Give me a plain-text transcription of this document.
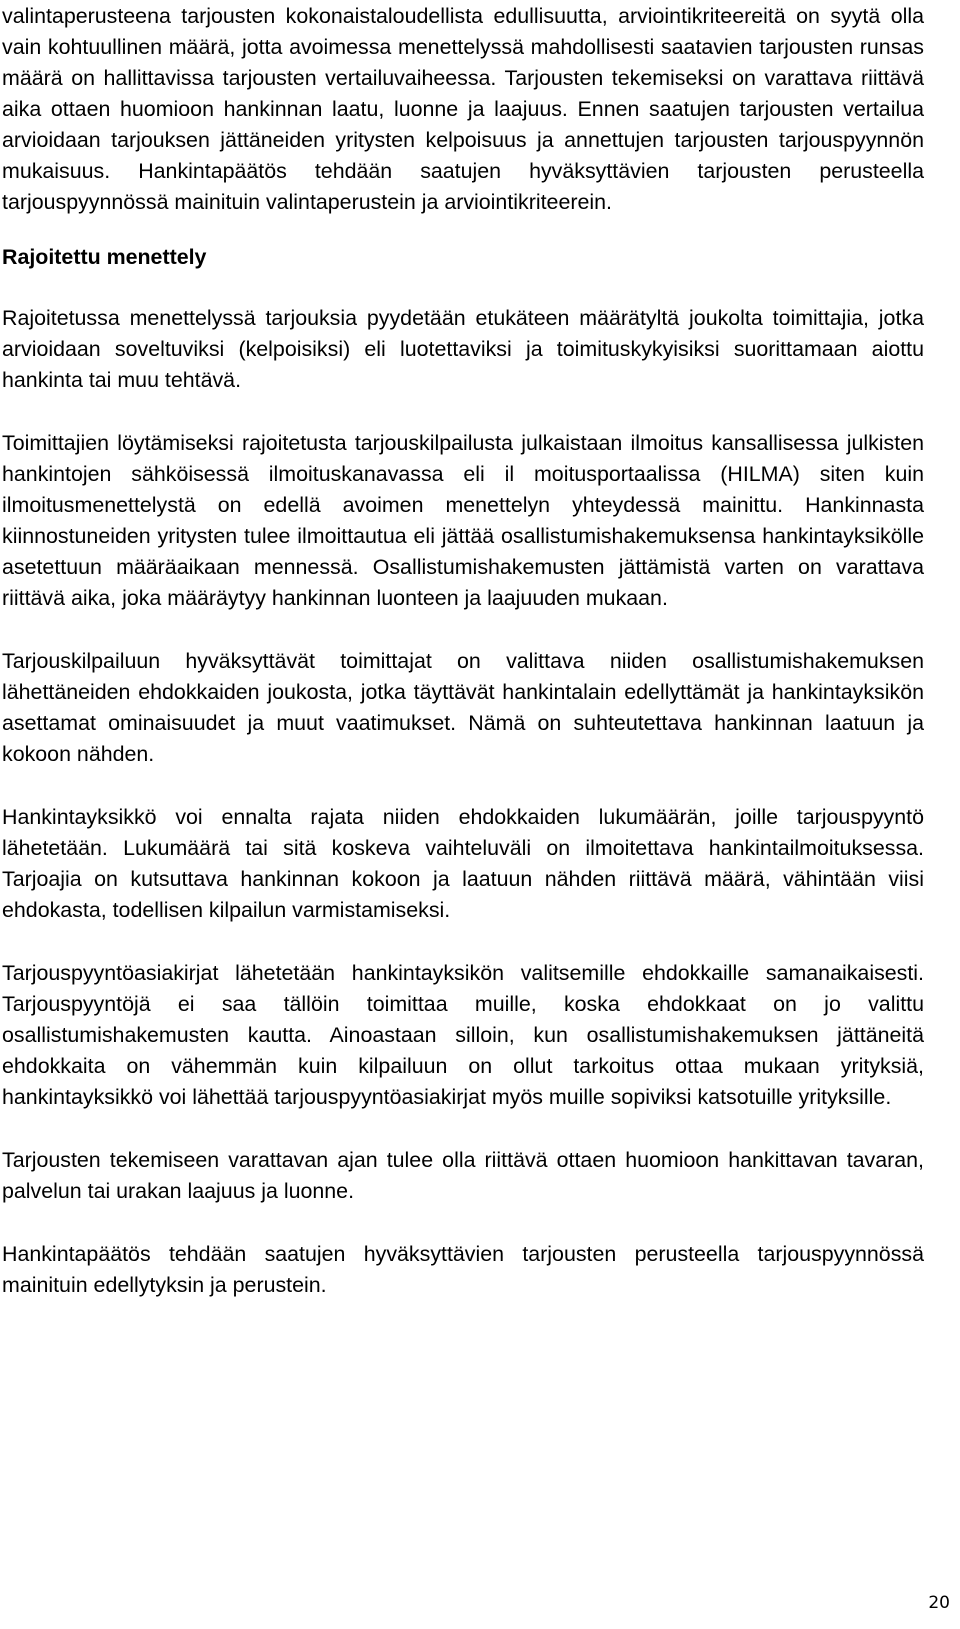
valintaperusteena tarjousten kokonaistaloudellista edullisuutta, arviointikriteereitä on syytä olla vain kohtuullinen määrä, jotta avoimessa menettelyssä mahdollisesti saatavien tarjousten runsas määrä on hallittavissa tarjousten vertailuvaiheessa. Tarjousten tekemiseksi on varattava riittävä aika ottaen huomioon hankinnan laatu, luonne ja laajuus. Ennen saatujen tarjousten vertailua arvioidaan tarjouksen jättäneiden yritysten kelpoisuus ja annettujen tarjousten tarjouspyynnön mukaisuus. Hankintapäätös tehdään saatujen hyväksyttävien tarjousten perusteella tarjouspyynnössä mainituin valintaperustein ja arviointikriteerein.

Rajoitettu menettely

Rajoitetussa menettelyssä tarjouksia pyydetään etukäteen määrätyltä joukolta toimittajia, jotka arvioidaan soveltuviksi (kelpoisiksi) eli luotettaviksi ja toimituskykyisiksi suorittamaan aiottu hankinta tai muu tehtävä.

Toimittajien löytämiseksi rajoitetusta tarjouskilpailusta julkaistaan ilmoitus kansallisessa julkisten hankintojen sähköisessä ilmoituskanavassa eli il moitusportaalissa (HILMA) siten kuin ilmoitusmenettelystä on edellä avoimen menettelyn yhteydessä mainittu. Hankinnasta kiinnostuneiden yritysten tulee ilmoittautua eli jättää osallistumishakemuksensa hankintayksikölle asetettuun määräaikaan mennessä. Osallistumishakemusten jättämistä varten on varattava riittävä aika, joka määräytyy hankinnan luonteen ja laajuuden mukaan.

Tarjouskilpailuun hyväksyttävät toimittajat on valittava niiden osallistumishakemuksen lähettäneiden ehdokkaiden joukosta, jotka täyttävät hankintalain edellyttämät ja hankintayksikön asettamat ominaisuudet ja muut vaatimukset. Nämä on suhteutettava hankinnan laatuun ja kokoon nähden.

Hankintayksikkö voi ennalta rajata niiden ehdokkaiden lukumäärän, joille tarjouspyyntö lähetetään. Lukumäärä tai sitä koskeva vaihteluväli on ilmoitettava hankintailmoituksessa. Tarjoajia on kutsuttava hankinnan kokoon ja laatuun nähden riittävä määrä, vähintään viisi ehdokasta, todellisen kilpailun varmistamiseksi.

Tarjouspyyntöasiakirjat lähetetään hankintayksikön valitsemille ehdokkaille samanaikaisesti. Tarjouspyyntöjä ei saa tällöin toimittaa muille, koska ehdokkaat on jo valittu osallistumishakemusten kautta. Ainoastaan silloin, kun osallistumishakemuksen jättäneitä ehdokkaita on vähemmän kuin kilpailuun on ollut tarkoitus ottaa mukaan yrityksiä, hankintayksikkö voi lähettää tarjouspyyntöasiakirjat myös muille sopiviksi katsotuille yrityksille.

Tarjousten tekemiseen varattavan ajan tulee olla riittävä ottaen huomioon hankittavan tavaran, palvelun tai urakan laajuus ja luonne.

Hankintapäätös tehdään saatujen hyväksyttävien tarjousten perusteella tarjouspyynnössä mainituin edellytyksin ja perustein.

20
